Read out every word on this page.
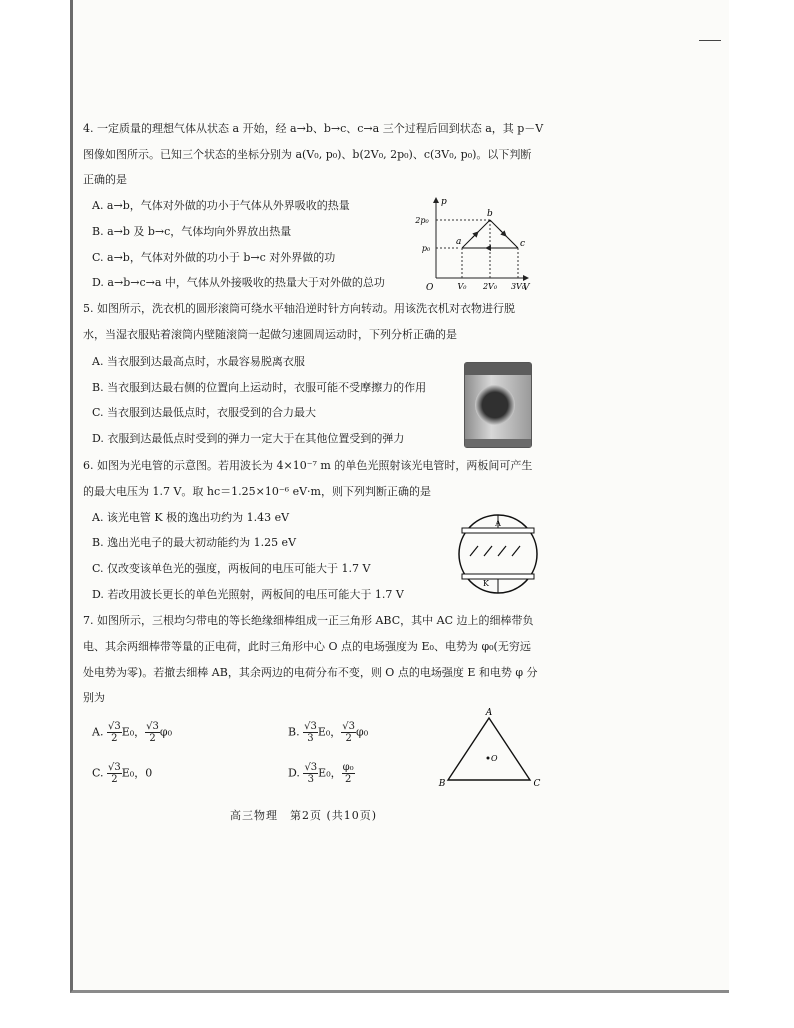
4. 一定质量的理想气体从状态 a 开始，经 a→b、b→c、c→a 三个过程后回到状态 a，其 p－V
图像如图所示。已知三个状态的坐标分别为 a(V₀, p₀)、b(2V₀, 2p₀)、c(3V₀, p₀)。以下判断
正确的是
A. a→b，气体对外做的功小于气体从外界吸收的热量
B. a→b 及 b→c，气体均向外界放出热量
C. a→b，气体对外做的功小于 b→c 对外界做的功
D. a→b→c→a 中，气体从外接吸收的热量大于对外做的总功
p
V
O
2p₀
p₀
V₀ 2V₀ 3V₀
a
b
c
5. 如图所示，洗衣机的圆形滚筒可绕水平轴沿逆时针方向转动。用该洗衣机对衣物进行脱
水，当湿衣服贴着滚筒内壁随滚筒一起做匀速圆周运动时，下列分析正确的是
A. 当衣服到达最高点时，水最容易脱离衣服
B. 当衣服到达最右侧的位置向上运动时，衣服可能不受摩擦力的作用
C. 当衣服到达最低点时，衣服受到的合力最大
D. 衣服到达最低点时受到的弹力一定大于在其他位置受到的弹力
6. 如图为光电管的示意图。若用波长为 4×10⁻⁷ m 的单色光照射该光电管时，两板间可产生
的最大电压为 1.7 V。取 hc＝1.25×10⁻⁶ eV·m，则下列判断正确的是
A. 该光电管 K 极的逸出功约为 1.43 eV
B. 逸出光电子的最大初动能约为 1.25 eV
C. 仅改变该单色光的强度，两板间的电压可能大于 1.7 V
D. 若改用波长更长的单色光照射，两板间的电压可能大于 1.7 V
A
K
7. 如图所示，三根均匀带电的等长绝缘细棒组成一正三角形 ABC，其中 AC 边上的细棒带负
电、其余两细棒带等量的正电荷，此时三角形中心 O 点的电场强度为 E₀、电势为 φ₀(无穷远
处电势为零)。若撤去细棒 AB，其余两边的电荷分布不变，则 O 点的电场强度 E 和电势 φ 分
别为
A. $\frac{√3}{2} E_0$， $\frac{√3}{2} \varphi_0$	B. $\frac{√3}{3} E_0$， $\frac{√3}{2} \varphi_0$
C. $\frac{√3}{2} E_0$，0	D. $\frac{√3}{3} E_0$， $\frac{\text{φ₀}}{2}$
A
B	C
O
高三物理　第2页 (共10页)
